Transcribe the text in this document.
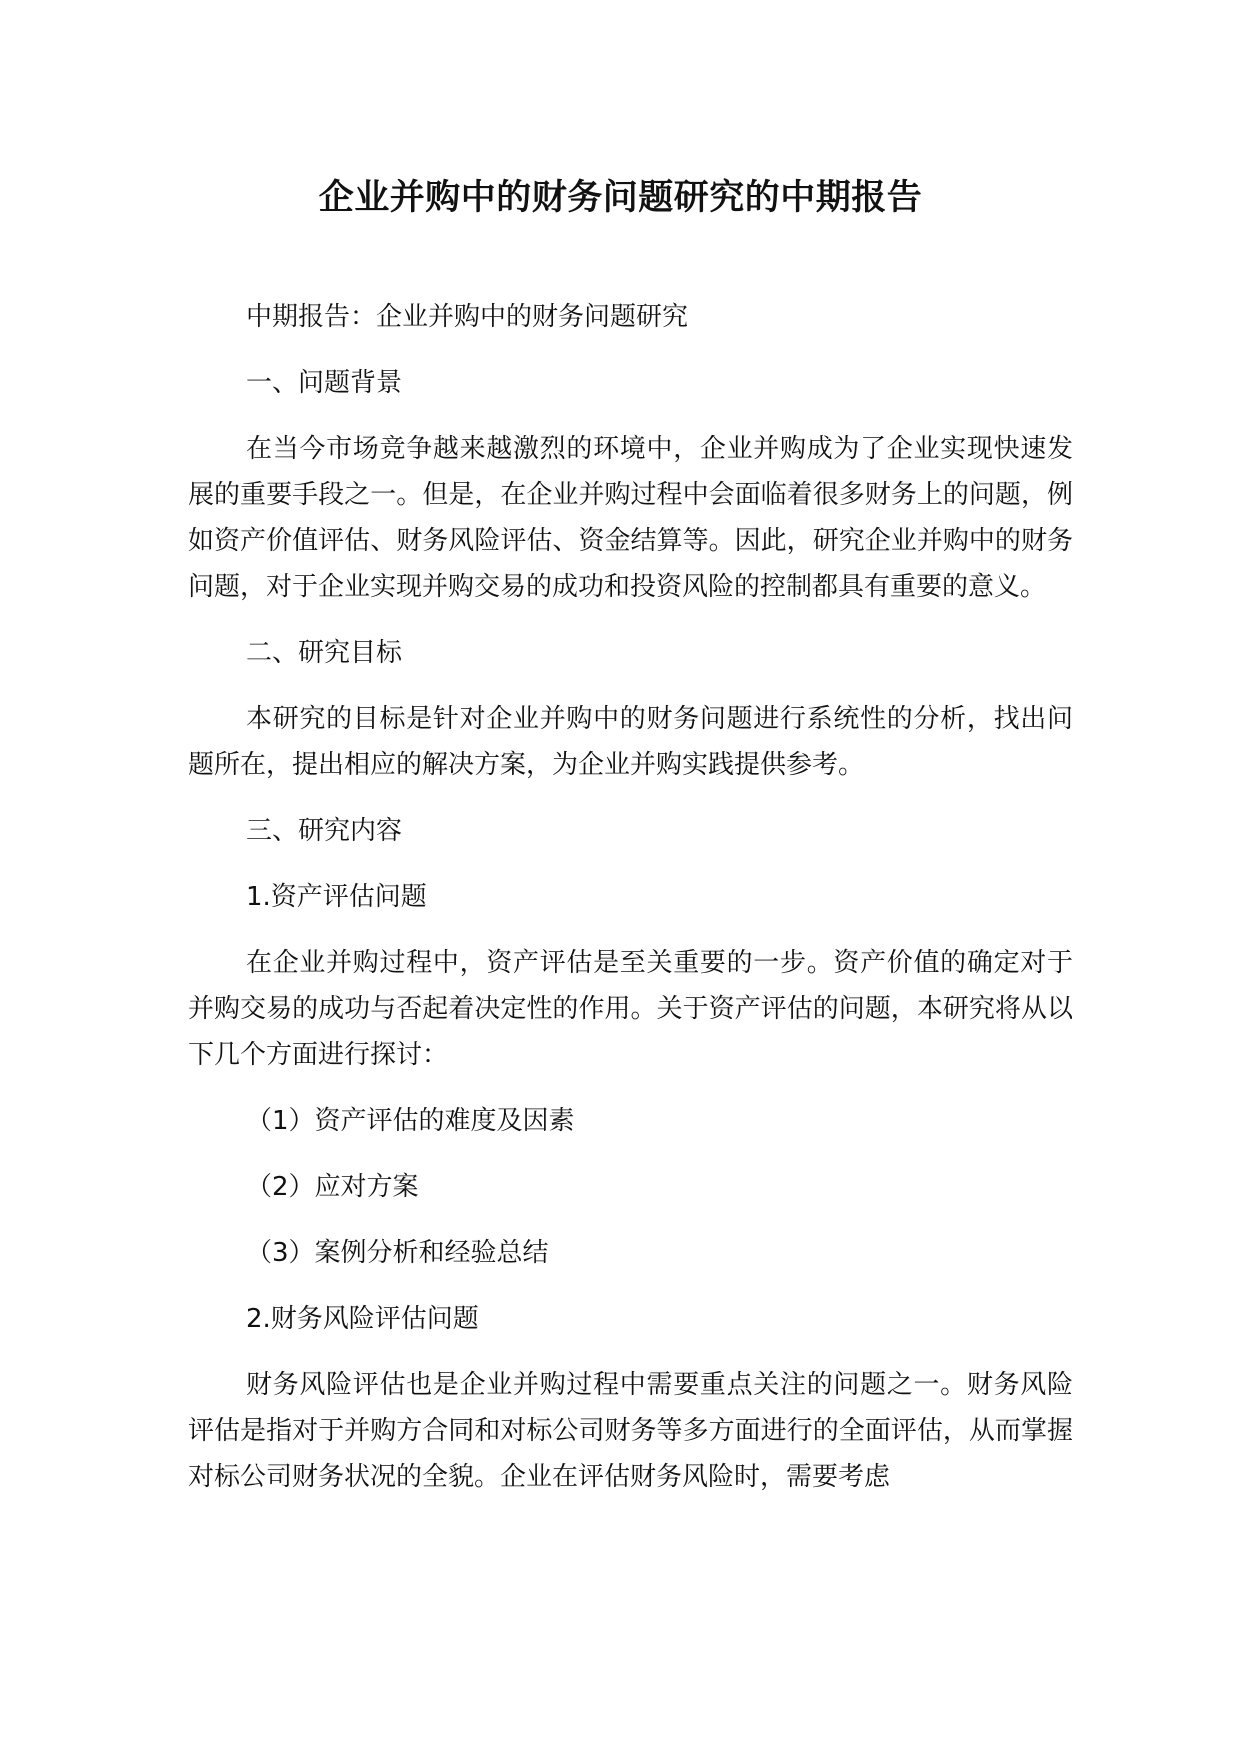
企业并购中的财务问题研究的中期报告

中期报告：企业并购中的财务问题研究

一、问题背景

在当今市场竞争越来越激烈的环境中，企业并购成为了企业实现快速发展的重要手段之一。但是，在企业并购过程中会面临着很多财务上的问题，例如资产价值评估、财务风险评估、资金结算等。因此，研究企业并购中的财务问题，对于企业实现并购交易的成功和投资风险的控制都具有重要的意义。

二、研究目标

本研究的目标是针对企业并购中的财务问题进行系统性的分析，找出问题所在，提出相应的解决方案，为企业并购实践提供参考。

三、研究内容

1.资产评估问题

在企业并购过程中，资产评估是至关重要的一步。资产价值的确定对于并购交易的成功与否起着决定性的作用。关于资产评估的问题，本研究将从以下几个方面进行探讨：

（1）资产评估的难度及因素

（2）应对方案

（3）案例分析和经验总结

2.财务风险评估问题

财务风险评估也是企业并购过程中需要重点关注的问题之一。财务风险评估是指对于并购方合同和对标公司财务等多方面进行的全面评估，从而掌握对标公司财务状况的全貌。企业在评估财务风险时，需要考虑
